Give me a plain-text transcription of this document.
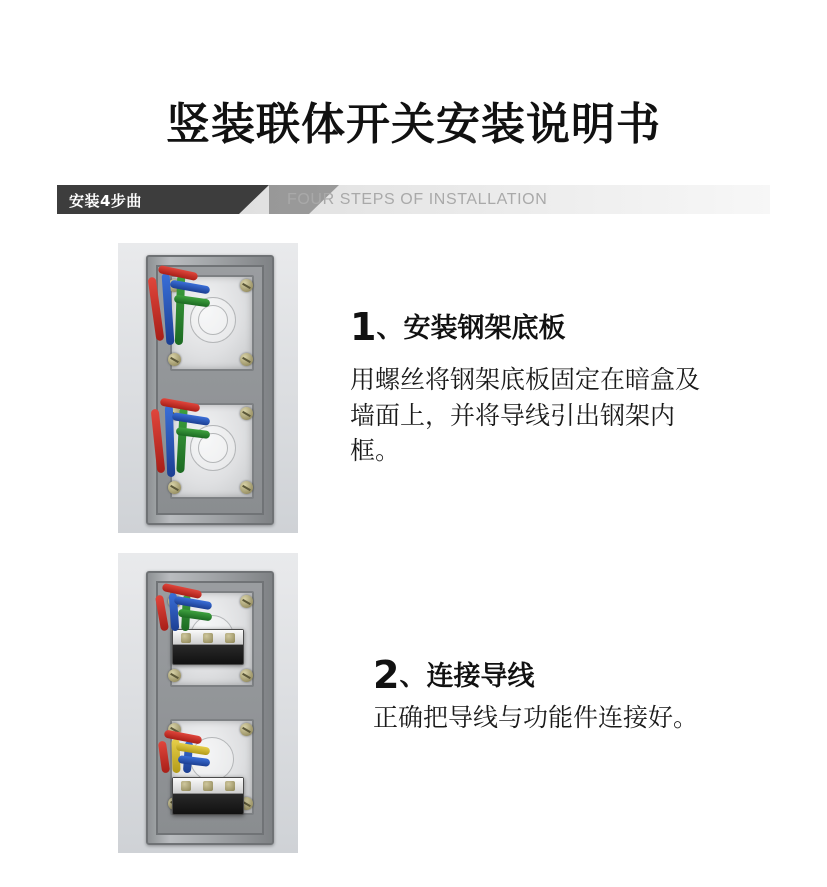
竖装联体开关安装说明书
安装4步曲	FOUR STEPS OF INSTALLATION
1、安装钢架底板
用螺丝将钢架底板固定在暗盒及墙面上，并将导线引出钢架内框。
2、连接导线
正确把导线与功能件连接好。
